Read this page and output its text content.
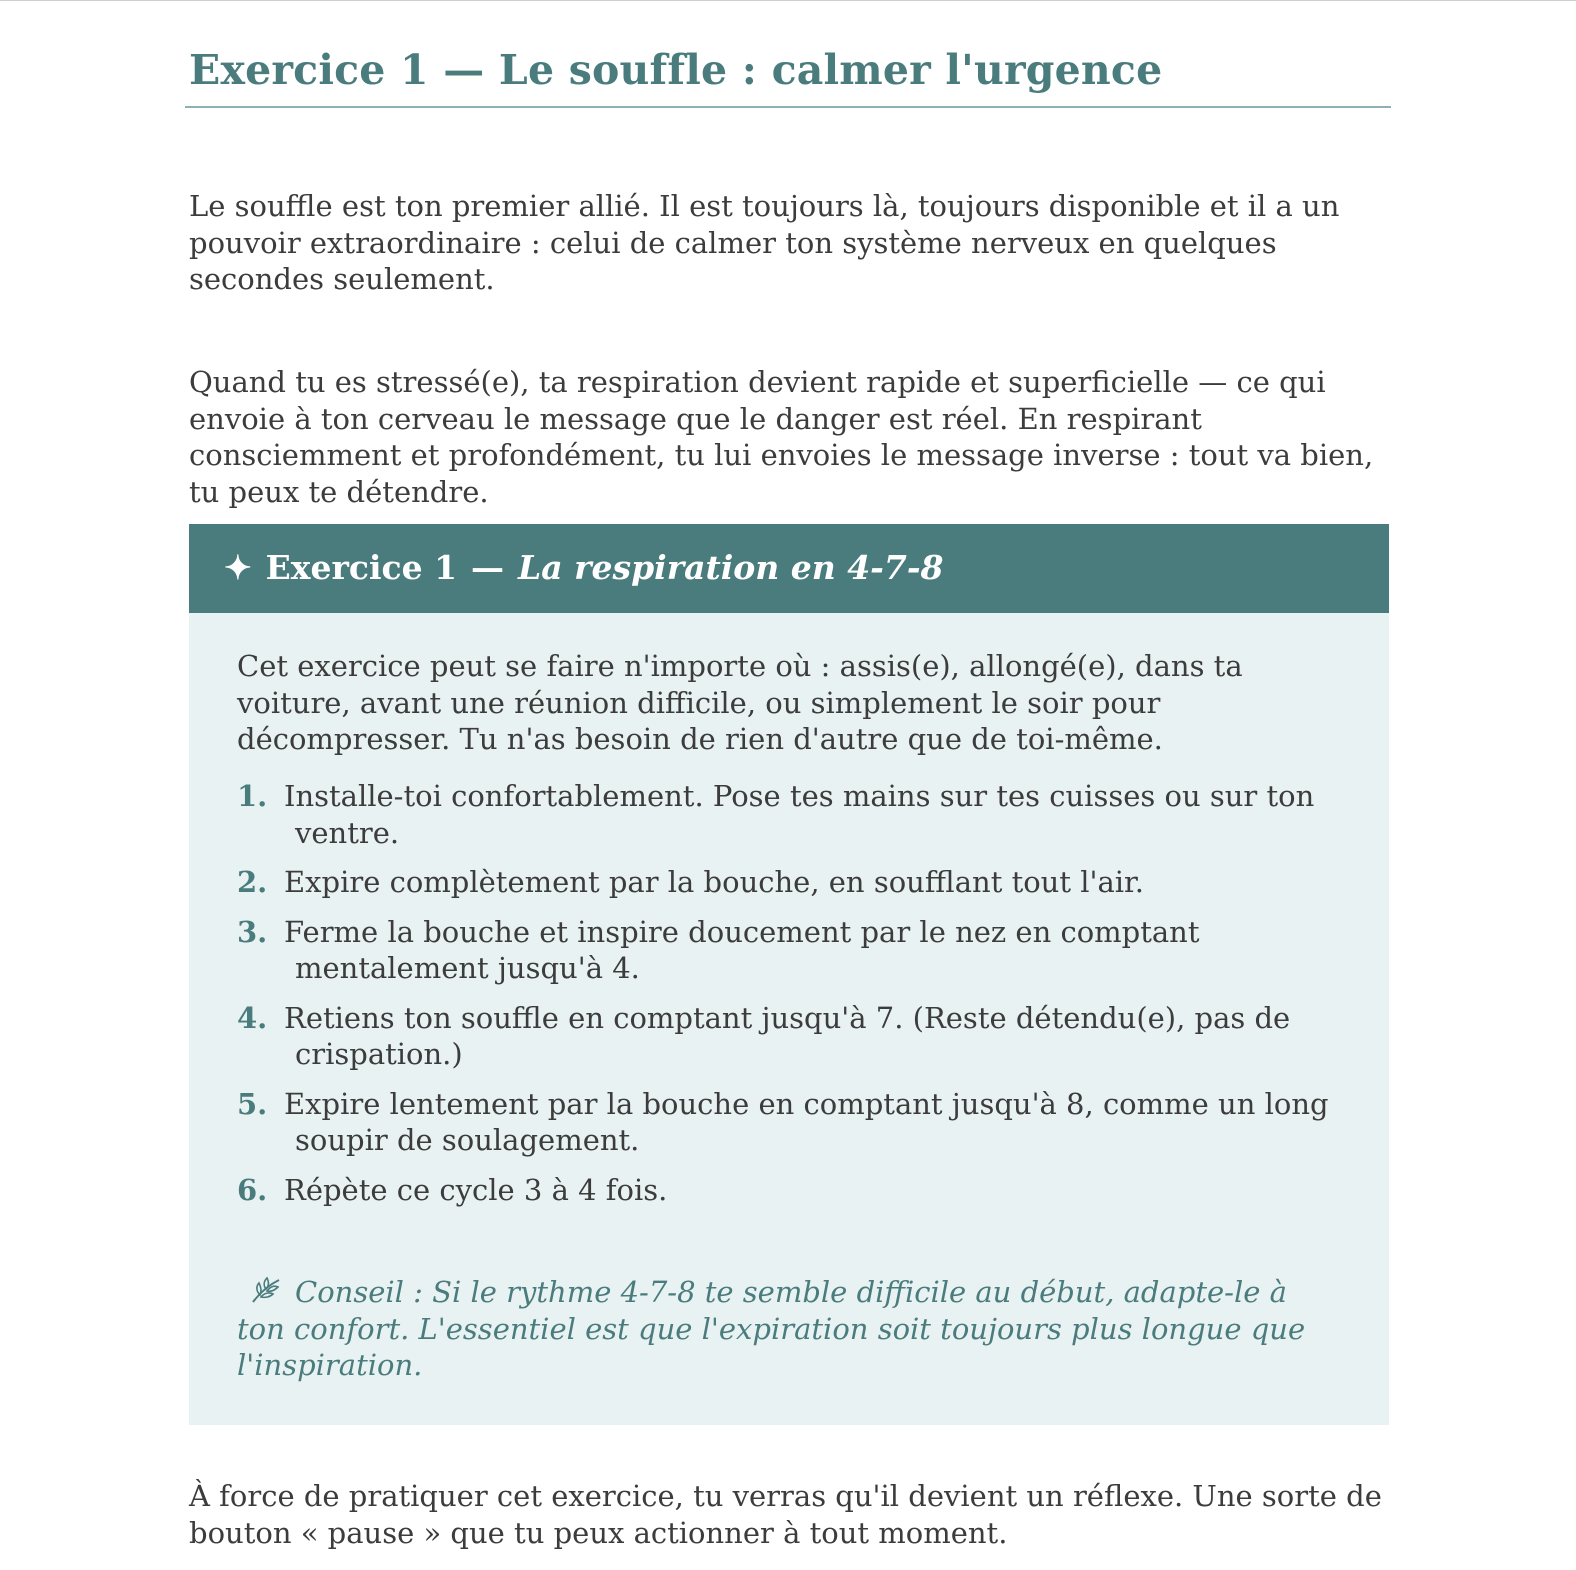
Exercice 1 — Le souffle : calmer l'urgence

Le souffle est ton premier allié. Il est toujours là, toujours disponible et il a un pouvoir extraordinaire : celui de calmer ton système nerveux en quelques secondes seulement.

Quand tu es stressé(e), ta respiration devient rapide et superficielle — ce qui envoie à ton cerveau le message que le danger est réel. En respirant consciemment et profondément, tu lui envoies le message inverse : tout va bien, tu peux te détendre.

✦ Exercice 1 — La respiration en 4-7-8

Cet exercice peut se faire n'importe où : assis(e), allongé(e), dans ta voiture, avant une réunion difficile, ou simplement le soir pour décompresser. Tu n'as besoin de rien d'autre que de toi-même.

1. Installe-toi confortablement. Pose tes mains sur tes cuisses ou sur ton ventre.
2. Expire complètement par la bouche, en soufflant tout l'air.
3. Ferme la bouche et inspire doucement par le nez en comptant mentalement jusqu'à 4.
4. Retiens ton souffle en comptant jusqu'à 7. (Reste détendu(e), pas de crispation.)
5. Expire lentement par la bouche en comptant jusqu'à 8, comme un long soupir de soulagement.
6. Répète ce cycle 3 à 4 fois.

Conseil : Si le rythme 4-7-8 te semble difficile au début, adapte-le à ton confort. L'essentiel est que l'expiration soit toujours plus longue que l'inspiration.

À force de pratiquer cet exercice, tu verras qu'il devient un réflexe. Une sorte de bouton « pause » que tu peux actionner à tout moment.
